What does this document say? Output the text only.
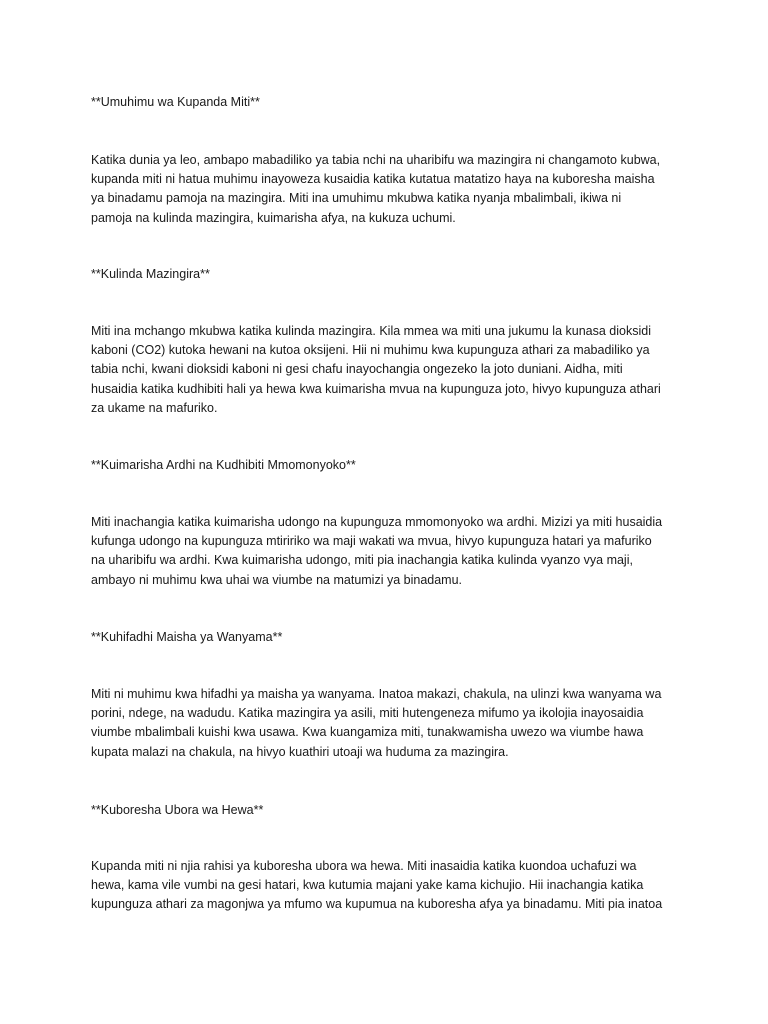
**Umuhimu wa Kupanda Miti**
Katika dunia ya leo, ambapo mabadiliko ya tabia nchi na uharibifu wa mazingira ni changamoto kubwa,
kupanda miti ni hatua muhimu inayoweza kusaidia katika kutatua matatizo haya na kuboresha maisha
ya binadamu pamoja na mazingira. Miti ina umuhimu mkubwa katika nyanja mbalimbali, ikiwa ni
pamoja na kulinda mazingira, kuimarisha afya, na kukuza uchumi.
**Kulinda Mazingira**
Miti ina mchango mkubwa katika kulinda mazingira. Kila mmea wa miti una jukumu la kunasa dioksidi
kaboni (CO2) kutoka hewani na kutoa oksijeni. Hii ni muhimu kwa kupunguza athari za mabadiliko ya
tabia nchi, kwani dioksidi kaboni ni gesi chafu inayochangia ongezeko la joto duniani. Aidha, miti
husaidia katika kudhibiti hali ya hewa kwa kuimarisha mvua na kupunguza joto, hivyo kupunguza athari
za ukame na mafuriko.
**Kuimarisha Ardhi na Kudhibiti Mmomonyoko**
Miti inachangia katika kuimarisha udongo na kupunguza mmomonyoko wa ardhi. Mizizi ya miti husaidia
kufunga udongo na kupunguza mtiririko wa maji wakati wa mvua, hivyo kupunguza hatari ya mafuriko
na uharibifu wa ardhi. Kwa kuimarisha udongo, miti pia inachangia katika kulinda vyanzo vya maji,
ambayo ni muhimu kwa uhai wa viumbe na matumizi ya binadamu.
**Kuhifadhi Maisha ya Wanyama**
Miti ni muhimu kwa hifadhi ya maisha ya wanyama. Inatoa makazi, chakula, na ulinzi kwa wanyama wa
porini, ndege, na wadudu. Katika mazingira ya asili, miti hutengeneza mifumo ya ikolojia inayosaidia
viumbe mbalimbali kuishi kwa usawa. Kwa kuangamiza miti, tunakwamisha uwezo wa viumbe hawa
kupata malazi na chakula, na hivyo kuathiri utoaji wa huduma za mazingira.
**Kuboresha Ubora wa Hewa**
Kupanda miti ni njia rahisi ya kuboresha ubora wa hewa. Miti inasaidia katika kuondoa uchafuzi wa
hewa, kama vile vumbi na gesi hatari, kwa kutumia majani yake kama kichujio. Hii inachangia katika
kupunguza athari za magonjwa ya mfumo wa kupumua na kuboresha afya ya binadamu. Miti pia inatoa
